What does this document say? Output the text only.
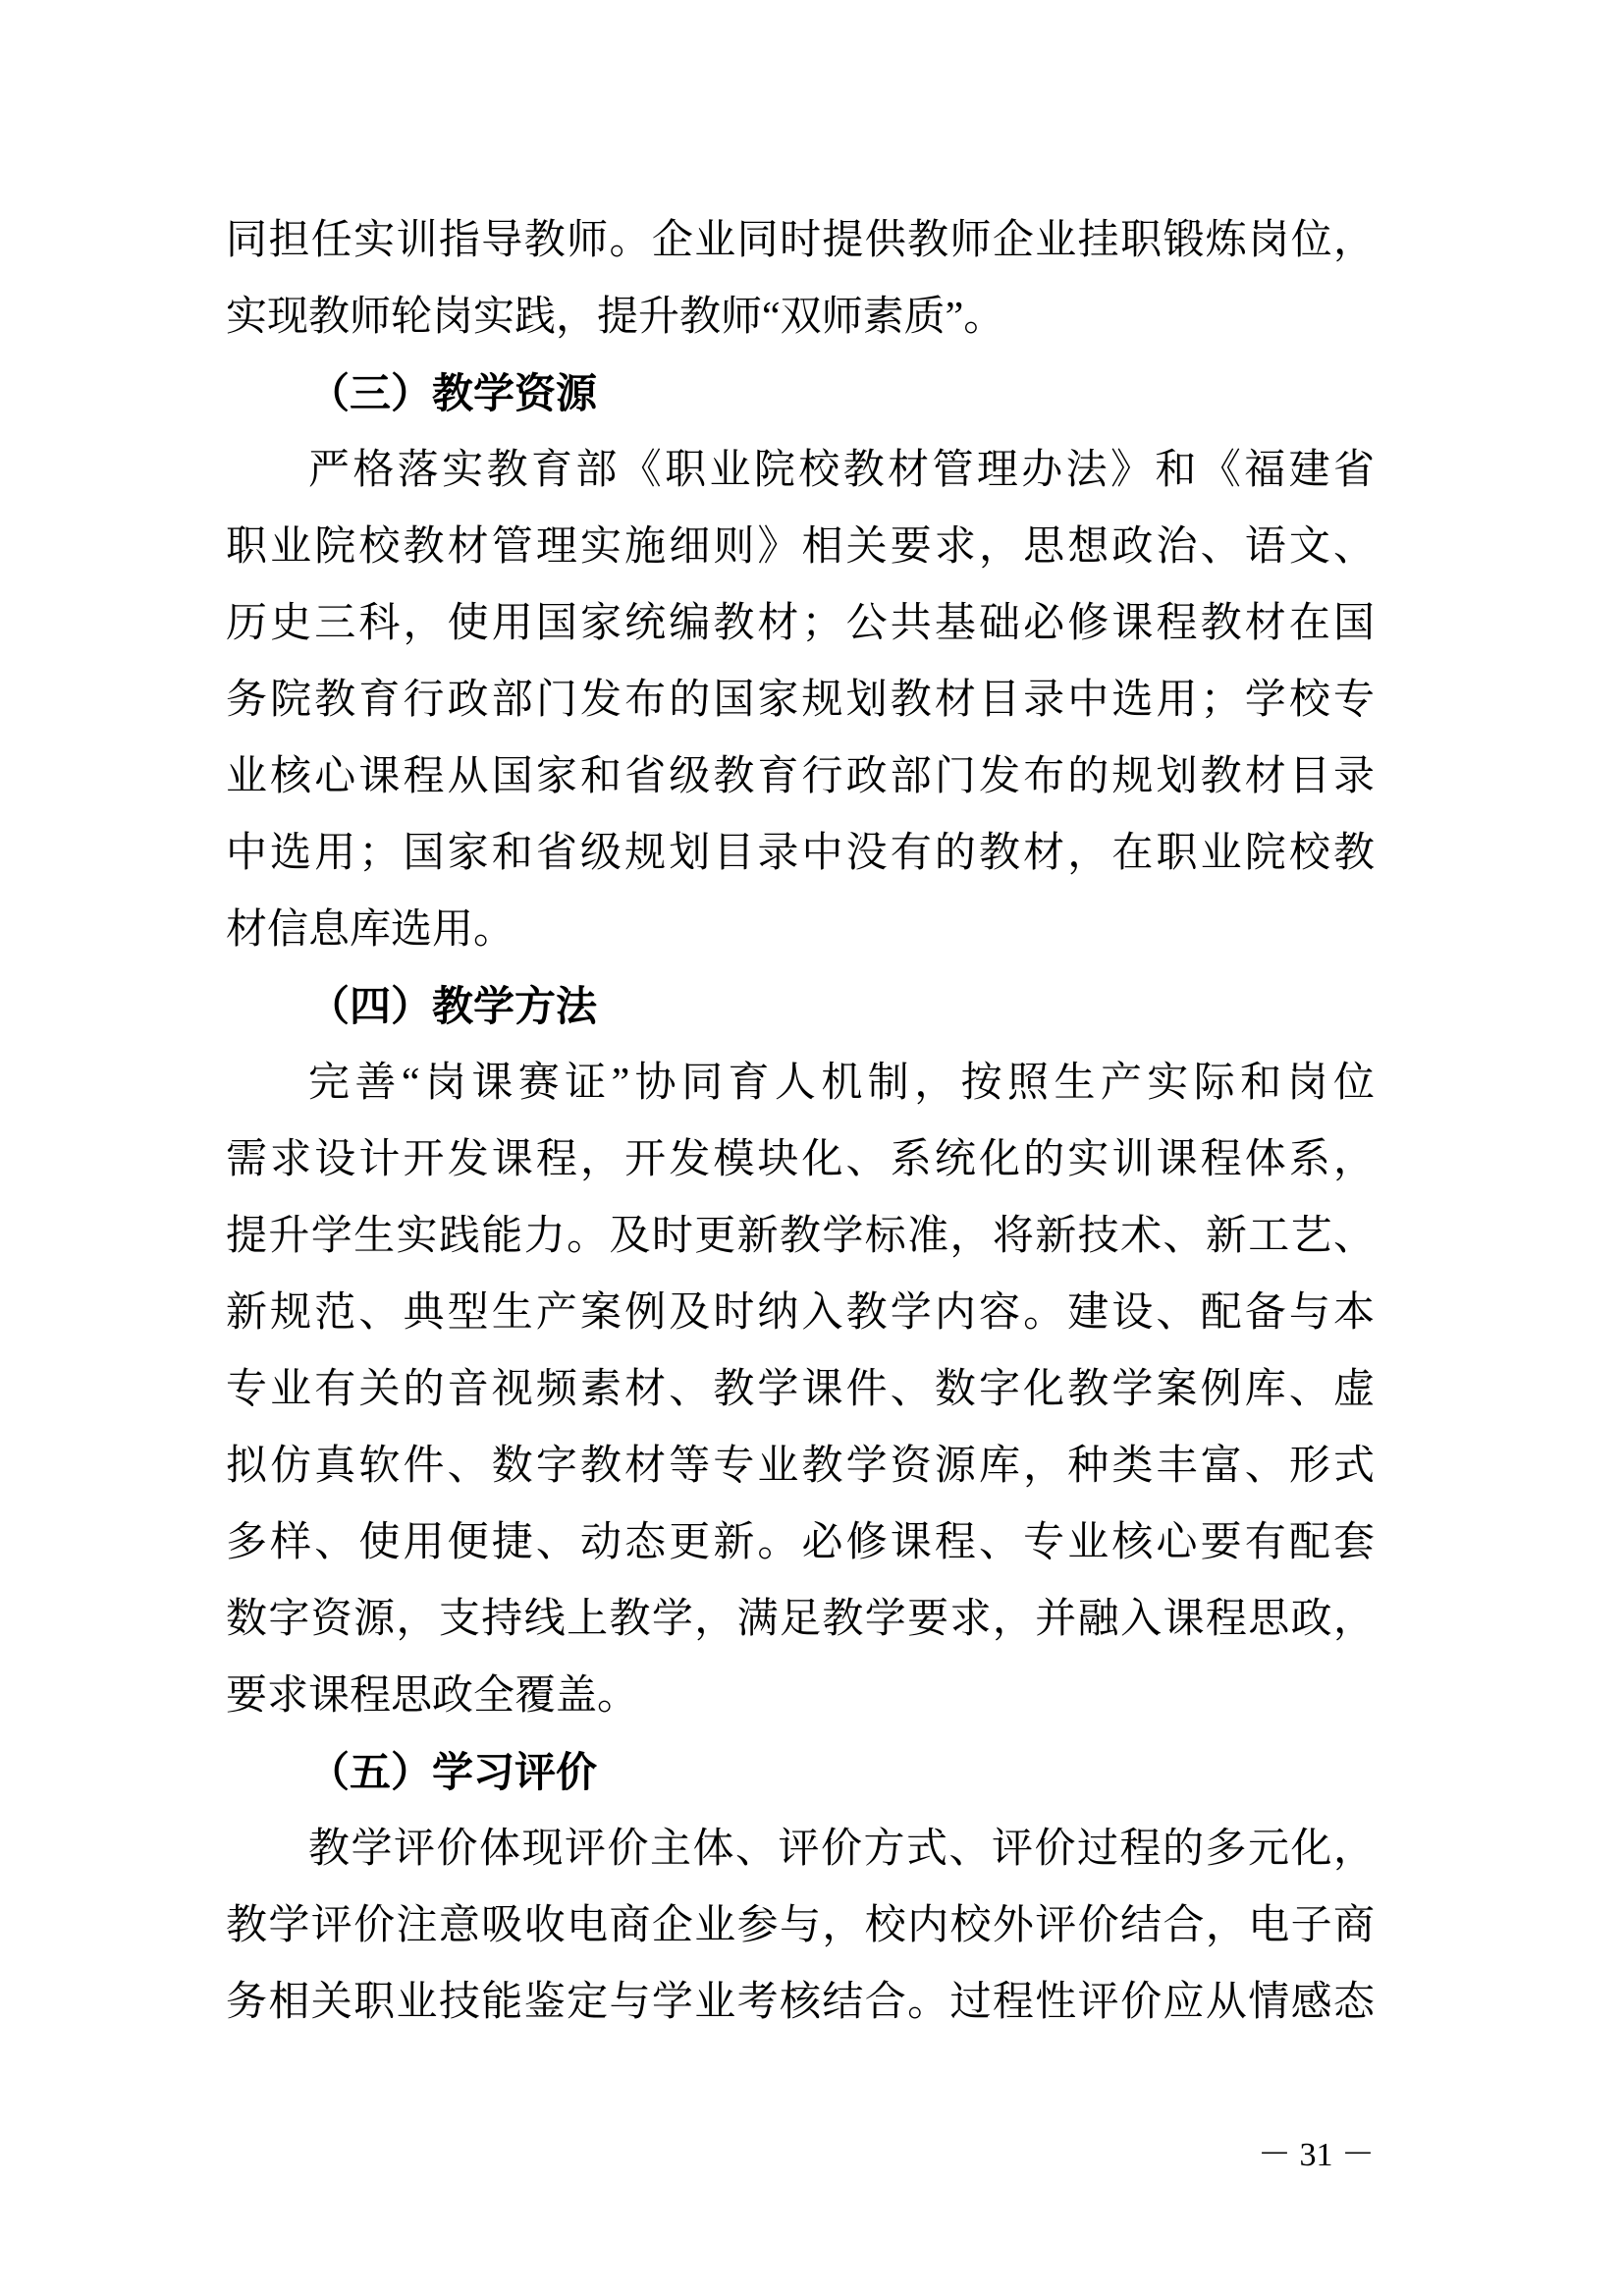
同担任实训指导教师。企业同时提供教师企业挂职锻炼岗位，
实现教师轮岗实践，提升教师“双师素质”。
（三）教学资源
严格落实教育部《职业院校教材管理办法》和《福建省
职业院校教材管理实施细则》相关要求，思想政治、语文、
历史三科，使用国家统编教材；公共基础必修课程教材在国
务院教育行政部门发布的国家规划教材目录中选用；学校专
业核心课程从国家和省级教育行政部门发布的规划教材目录
中选用；国家和省级规划目录中没有的教材，在职业院校教
材信息库选用。
（四）教学方法
完善“岗课赛证”协同育人机制，按照生产实际和岗位
需求设计开发课程，开发模块化、系统化的实训课程体系，
提升学生实践能力。及时更新教学标准，将新技术、新工艺、
新规范、典型生产案例及时纳入教学内容。建设、配备与本
专业有关的音视频素材、教学课件、数字化教学案例库、虚
拟仿真软件、数字教材等专业教学资源库，种类丰富、形式
多样、使用便捷、动态更新。必修课程、专业核心要有配套
数字资源，支持线上教学，满足教学要求，并融入课程思政，
要求课程思政全覆盖。
（五）学习评价
教学评价体现评价主体、评价方式、评价过程的多元化，
教学评价注意吸收电商企业参与，校内校外评价结合，电子商
务相关职业技能鉴定与学业考核结合。过程性评价应从情感态
－ 31 －
